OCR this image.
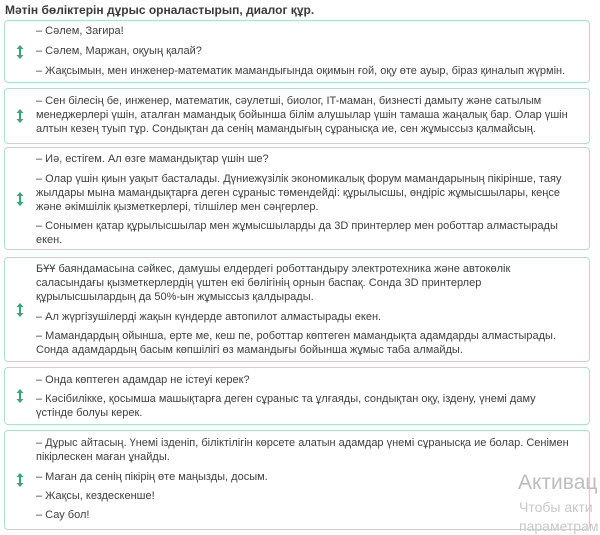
Мәтін бөліктерін дұрыс орналастырып, диалог құр.
– Сәлем, Зағира!
– Сәлем, Маржан, оқуың қалай?
– Жақсымын, мен инженер-математик мамандығында оқимын ғой, оқу өте ауыр, біраз қиналып жүрмін.
– Сен білесің бе, инженер, математик, сәулетші, биолог, IT-маман, бизнесті дамыту және сатылым
менеджерлері үшін, аталған мамандық бойынша білім алушылар үшін тамаша жаңалық бар. Олар үшін
алтын кезең туып тұр. Сондықтан да сенің мамандығың сұранысқа ие, сен жұмыссыз қалмайсың.
– Иә, естігем. Ал өзге мамандықтар үшін ше?
– Олар үшін қиын уақыт басталады. Дүниежүзілік экономикалық форум мамандарының пікірінше, таяу
жылдары мына мамандықтарға деген сұраныс төмендейді: құрылысшы, өндіріс жұмысшылары, кеңсе
және әкімшілік қызметкерлері, тілшілер мен сәңгерлер.
– Сонымен қатар құрылысшылар мен жұмысшыларды да 3D принтерлер мен роботтар алмастырады
екен.
БҰҰ баяндамасына сәйкес, дамушы елдердегі роботтандыру электротехника және автокөлік
салаcындағы қызметкерлердің үштен екі бөлігінің орнын баспақ. Сонда 3D принтерлер
құрылысшылардың да 50%-ын жұмыссыз қалдырады.
– Ал жүргізушілерді жақын күндерде автопилот алмастырады екен.
– Мамандардың ойынша, ерте ме, кеш пе, роботтар көптеген мамандықта адамдарды алмастырады.
Сонда адамдардың басым көпшілігі өз мамандығы бойынша жұмыс таба алмайды.
– Онда көптеген адамдар не істеуі керек?
– Кәсібилікке, қосымша машықтарға деген сұраныс та ұлғаяды, сондықтан оқу, іздену, үнемі даму
үстінде болуы керек.
– Дұрыс айтасың. Үнемі ізденіп, біліктілігін көрсете алатын адамдар үнемі сұранысқа ие болар. Сенімен
пікірлескен маған ұнайды.
– Маған да сенің пікірің өте маңызды, досым.
– Жақсы, кездескенше!
– Сау бол!
Активац
Чтобы акти
параметрам
